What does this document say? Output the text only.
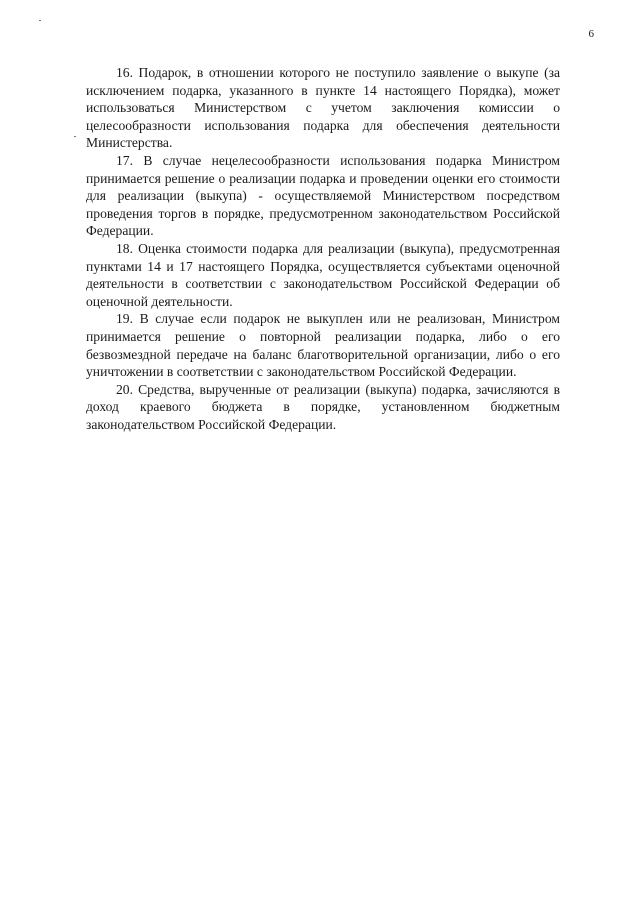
6

16. Подарок, в отношении которого не поступило заявление о выкупе (за исключением подарка, указанного в пункте 14 настоящего Порядка), может использоваться Министерством с учетом заключения комиссии о целесообразности использования подарка для обеспечения деятельности Министерства.

17. В случае нецелесообразности использования подарка Министром принимается решение о реализации подарка и проведении оценки его стоимости для реализации (выкупа) - осуществляемой Министерством посредством проведения торгов в порядке, предусмотренном законодательством Российской Федерации.

18. Оценка стоимости подарка для реализации (выкупа), предусмотренная пунктами 14 и 17 настоящего Порядка, осуществляется субъектами оценочной деятельности в соответствии с законодательством Российской Федерации об оценочной деятельности.

19. В случае если подарок не выкуплен или не реализован, Министром принимается решение о повторной реализации подарка, либо о его безвозмездной передаче на баланс благотворительной организации, либо о его уничтожении в соответствии с законодательством Российской Федерации.

20. Средства, вырученные от реализации (выкупа) подарка, зачисляются в доход краевого бюджета в порядке, установленном бюджетным законодательством Российской Федерации.
